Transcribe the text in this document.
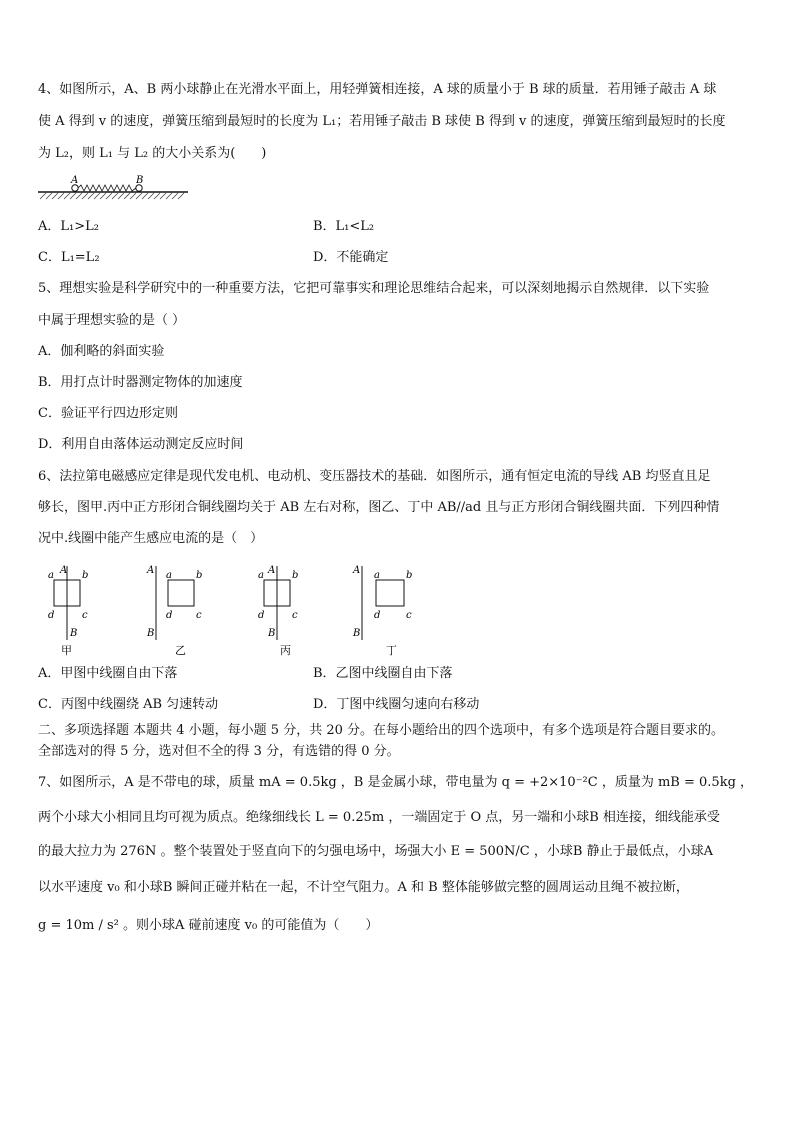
4、如图所示，A、B 两小球静止在光滑水平面上，用轻弹簧相连接，A 球的质量小于 B 球的质量．若用锤子敲击 A 球
使 A 得到 v 的速度，弹簧压缩到最短时的长度为 L₁；若用锤子敲击 B 球使 B 得到 v 的速度，弹簧压缩到最短时的长度
为 L₂，则 L₁ 与 L₂ 的大小关系为(　　)
A	B
A．L₁>L₂	B．L₁<L₂
C．L₁=L₂	D．不能确定
5、理想实验是科学研究中的一种重要方法，它把可靠事实和理论思维结合起来，可以深刻地揭示自然规律．以下实验
中属于理想实验的是（ ）
A．伽利略的斜面实验
B．用打点计时器测定物体的加速度
C．验证平行四边形定则
D．利用自由落体运动测定反应时间
6、法拉第电磁感应定律是现代发电机、电动机、变压器技术的基础．如图所示，通有恒定电流的导线 AB 均竖直且足
够长，图甲.丙中正方形闭合铜线圈均关于 AB 左右对称，图乙、丁中 AB//ad 且与正方形闭合铜线圈共面．下列四种情
况中.线圈中能产生感应电流的是（　）
A
B
a	b
c
d
甲
A
B
a b
c
d
乙
A
B
a	b
c
d
丙
A
B
a	b
c
d
丁
A．甲图中线圈自由下落	B．乙图中线圈自由下落
C．丙图中线圈绕 AB 匀速转动	D．丁图中线圈匀速向右移动
二、多项选择题 本题共 4 小题，每小题 5 分，共 20 分。在每小题给出的四个选项中，有多个选项是符合题目要求的。
全部选对的得 5 分，选对但不全的得 3 分，有选错的得 0 分。
7、如图所示，A 是不带电的球，质量 mA = 0.5kg ，B 是金属小球，带电量为 q = +2×10⁻²C ，质量为 mB = 0.5kg ，
两个小球大小相同且均可视为质点。绝缘细线长 L = 0.25m ，一端固定于 O 点，另一端和小球B 相连接，细线能承受
的最大拉力为 276N 。整个装置处于竖直向下的匀强电场中，场强大小 E = 500N/C ，小球B 静止于最低点，小球A
以水平速度 v₀ 和小球B 瞬间正碰并粘在一起，不计空气阻力。A 和 B 整体能够做完整的圆周运动且绳不被拉断，
g = 10m / s² 。则小球A 碰前速度 v₀ 的可能值为（　　）
